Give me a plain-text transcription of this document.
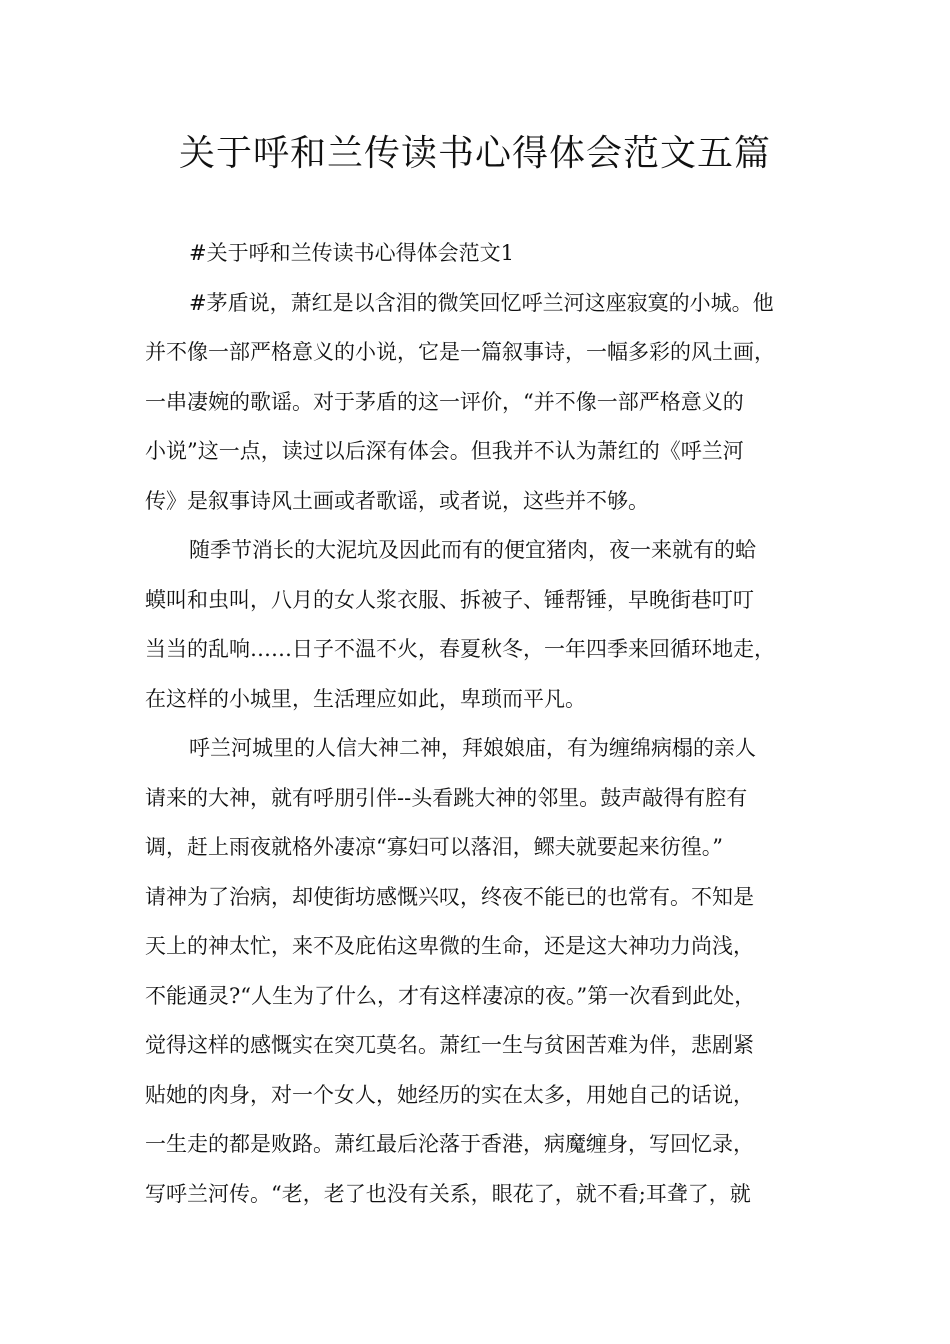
关于呼和兰传读书心得体会范文五篇
#关于呼和兰传读书心得体会范文1
#茅盾说，萧红是以含泪的微笑回忆呼兰河这座寂寞的小城。他
并不像一部严格意义的小说，它是一篇叙事诗，一幅多彩的风土画，
一串凄婉的歌谣。对于茅盾的这一评价，“并不像一部严格意义的
小说”这一点，读过以后深有体会。但我并不认为萧红的《呼兰河
传》是叙事诗风土画或者歌谣，或者说，这些并不够。
随季节消长的大泥坑及因此而有的便宜猪肉，夜一来就有的蛤
蟆叫和虫叫，八月的女人浆衣服、拆被子、锤帮锤，早晚街巷叮叮
当当的乱响……日子不温不火，春夏秋冬，一年四季来回循环地走，
在这样的小城里，生活理应如此，卑琐而平凡。
呼兰河城里的人信大神二神，拜娘娘庙，有为缠绵病榻的亲人
请来的大神，就有呼朋引伴--头看跳大神的邻里。鼓声敲得有腔有
调，赶上雨夜就格外凄凉“寡妇可以落泪，鳏夫就要起来彷徨。”
请神为了治病，却使街坊感慨兴叹，终夜不能已的也常有。不知是
天上的神太忙，来不及庇佑这卑微的生命，还是这大神功力尚浅，
不能通灵?“人生为了什么，才有这样凄凉的夜。”第一次看到此处，
觉得这样的感慨实在突兀莫名。萧红一生与贫困苦难为伴，悲剧紧
贴她的肉身，对一个女人，她经历的实在太多，用她自己的话说，
一生走的都是败路。萧红最后沦落于香港，病魔缠身，写回忆录，
写呼兰河传。“老，老了也没有关系，眼花了，就不看;耳聋了，就
